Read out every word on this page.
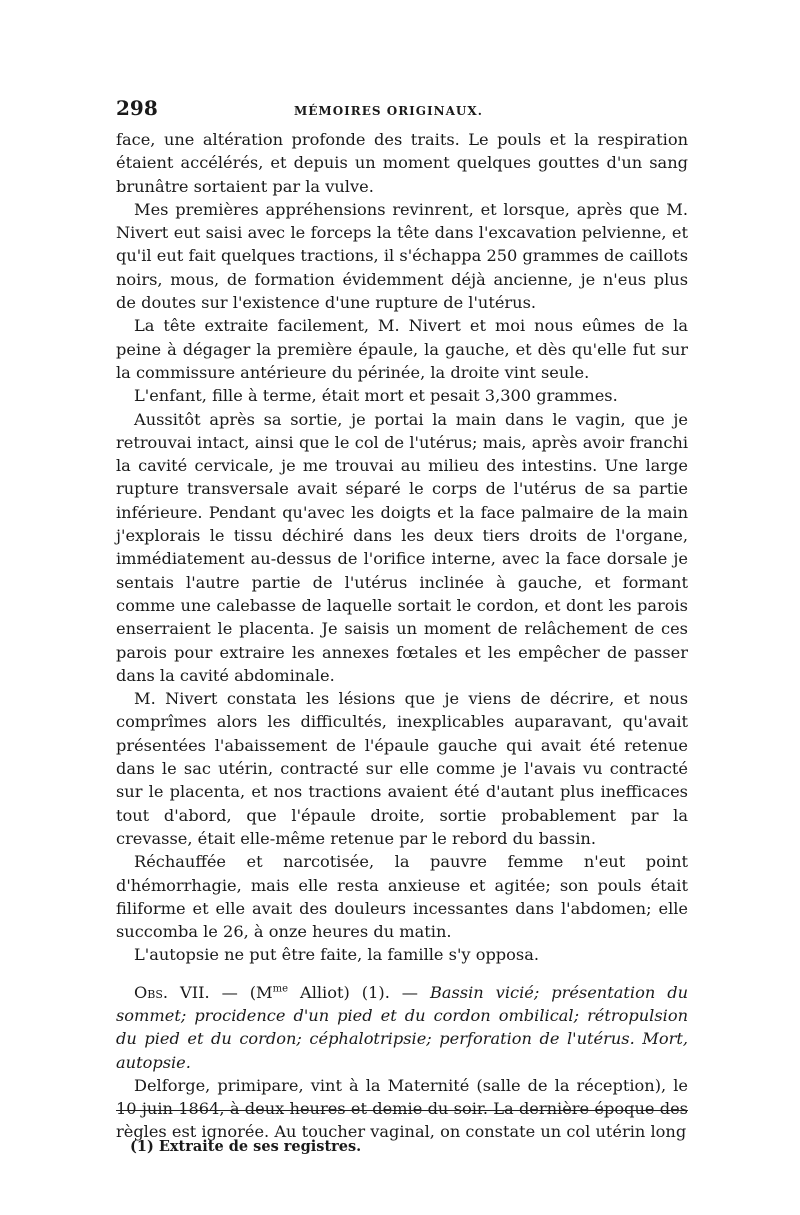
298	MÉMOIRES ORIGINAUX.

face, une altération profonde des traits. Le pouls et la respiration étaient accélérés, et depuis un moment quelques gouttes d'un sang brunâtre sortaient par la vulve.

Mes premières appréhensions revinrent, et lorsque, après que M. Nivert eut saisi avec le forceps la tête dans l'excavation pelvienne, et qu'il eut fait quelques tractions, il s'échappa 250 grammes de caillots noirs, mous, de formation évidemment déjà ancienne, je n'eus plus de doutes sur l'existence d'une rupture de l'utérus.

La tête extraite facilement, M. Nivert et moi nous eûmes de la peine à dégager la première épaule, la gauche, et dès qu'elle fut sur la commissure antérieure du périnée, la droite vint seule.

L'enfant, fille à terme, était mort et pesait 3,300 grammes.

Aussitôt après sa sortie, je portai la main dans le vagin, que je retrouvai intact, ainsi que le col de l'utérus; mais, après avoir franchi la cavité cervicale, je me trouvai au milieu des intestins. Une large rupture transversale avait séparé le corps de l'utérus de sa partie inférieure. Pendant qu'avec les doigts et la face palmaire de la main j'explorais le tissu déchiré dans les deux tiers droits de l'organe, immédiatement au-dessus de l'orifice interne, avec la face dorsale je sentais l'autre partie de l'utérus inclinée à gauche, et formant comme une calebasse de laquelle sortait le cordon, et dont les parois enserraient le placenta. Je saisis un moment de relâchement de ces parois pour extraire les annexes fœtales et les empêcher de passer dans la cavité abdominale.

M. Nivert constata les lésions que je viens de décrire, et nous comprîmes alors les difficultés, inexplicables auparavant, qu'avait présentées l'abaissement de l'épaule gauche qui avait été retenue dans le sac utérin, contracté sur elle comme je l'avais vu contracté sur le placenta, et nos tractions avaient été d'autant plus inefficaces tout d'abord, que l'épaule droite, sortie probablement par la crevasse, était elle-même retenue par le rebord du bassin.

Réchauffée et narcotisée, la pauvre femme n'eut point d'hémorrhagie, mais elle resta anxieuse et agitée; son pouls était filiforme et elle avait des douleurs incessantes dans l'abdomen; elle succomba le 26, à onze heures du matin.

L'autopsie ne put être faite, la famille s'y opposa.

Obs. VII. — ($M^{me}$ Alliot) (1). — Bassin vicié; présentation du sommet; procidence d'un pied et du cordon ombilical; rétropulsion du pied et du cordon; céphalotripsie; perforation de l'utérus. Mort, autopsie.

Delforge, primipare, vint à la Maternité (salle de la réception), le 10 juin 1864, à deux heures et demie du soir. La dernière époque des règles est ignorée. Au toucher vaginal, on constate un col utérin long

(1) Extraite de ses registres.
